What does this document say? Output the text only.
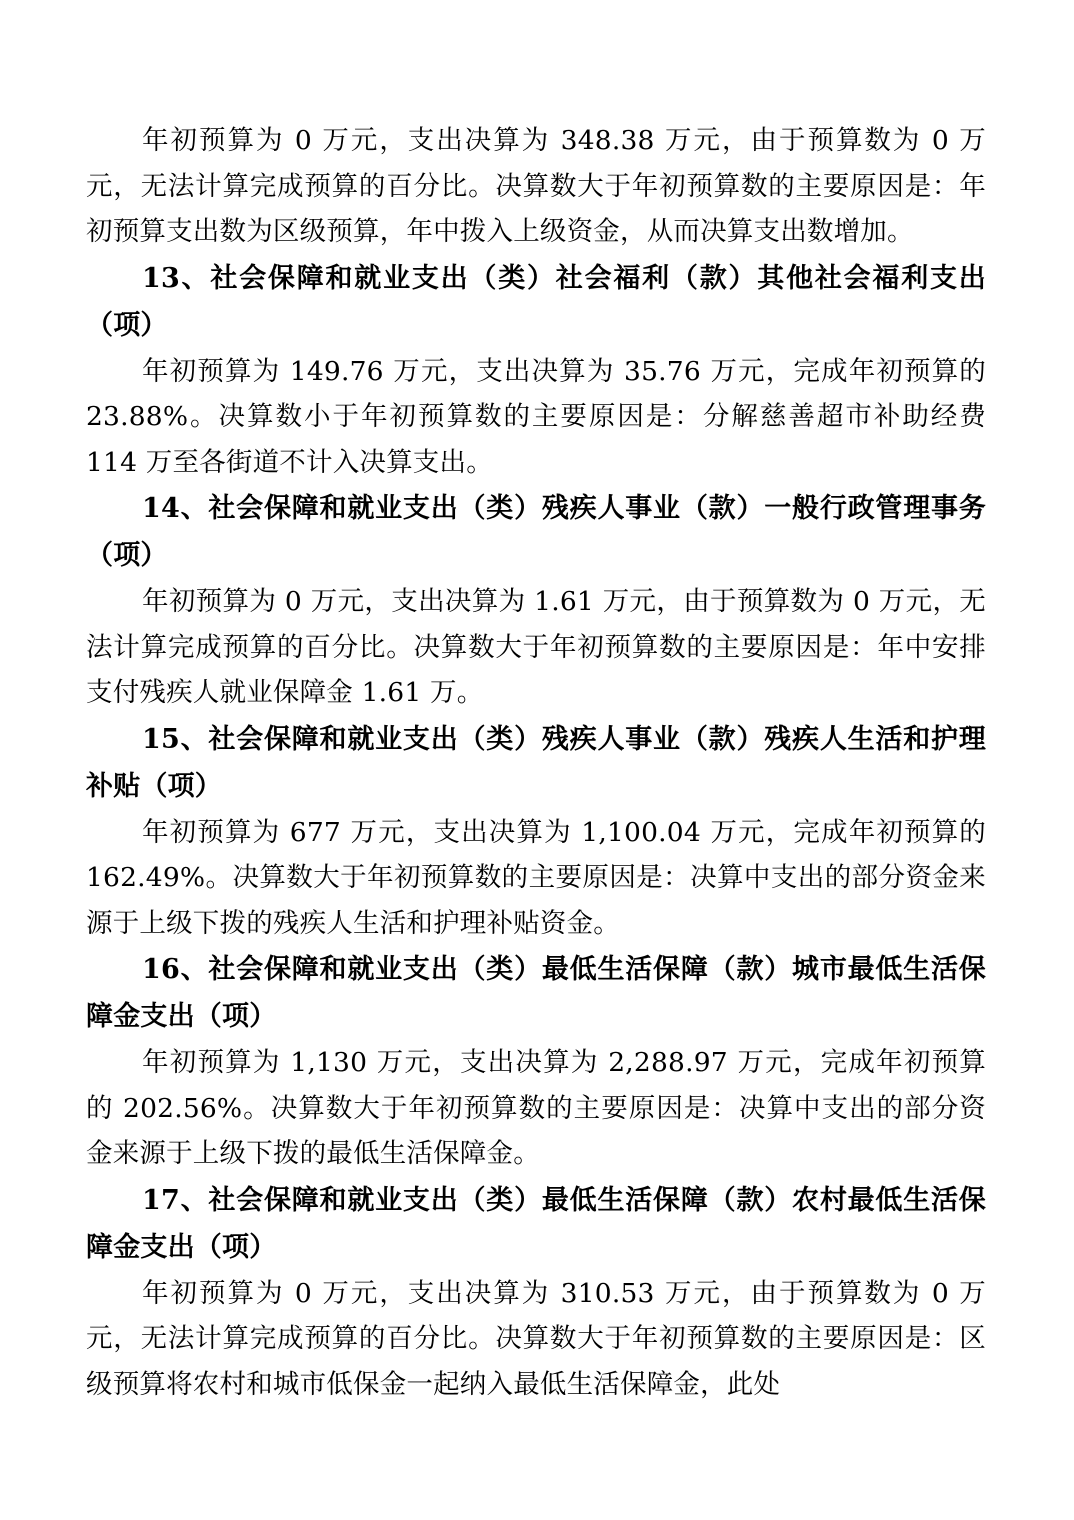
年初预算为 0 万元，支出决算为 348.38 万元，由于预算数为 0 万元，无法计算完成预算的百分比。决算数大于年初预算数的主要原因是：年初预算支出数为区级预算，年中拨入上级资金，从而决算支出数增加。

13、社会保障和就业支出（类）社会福利（款）其他社会福利支出（项）

年初预算为 149.76 万元，支出决算为 35.76 万元，完成年初预算的 23.88%。决算数小于年初预算数的主要原因是：分解慈善超市补助经费 114 万至各街道不计入决算支出。

14、社会保障和就业支出（类）残疾人事业（款）一般行政管理事务（项）

年初预算为 0 万元，支出决算为 1.61 万元，由于预算数为 0 万元，无法计算完成预算的百分比。决算数大于年初预算数的主要原因是：年中安排支付残疾人就业保障金 1.61 万。

15、社会保障和就业支出（类）残疾人事业（款）残疾人生活和护理补贴（项）

年初预算为 677 万元，支出决算为 1,100.04 万元，完成年初预算的 162.49%。决算数大于年初预算数的主要原因是：决算中支出的部分资金来源于上级下拨的残疾人生活和护理补贴资金。

16、社会保障和就业支出（类）最低生活保障（款）城市最低生活保障金支出（项）

年初预算为 1,130 万元，支出决算为 2,288.97 万元，完成年初预算的 202.56%。决算数大于年初预算数的主要原因是：决算中支出的部分资金来源于上级下拨的最低生活保障金。

17、社会保障和就业支出（类）最低生活保障（款）农村最低生活保障金支出（项）

年初预算为 0 万元，支出决算为 310.53 万元，由于预算数为 0 万元，无法计算完成预算的百分比。决算数大于年初预算数的主要原因是：区级预算将农村和城市低保金一起纳入最低生活保障金，此处
